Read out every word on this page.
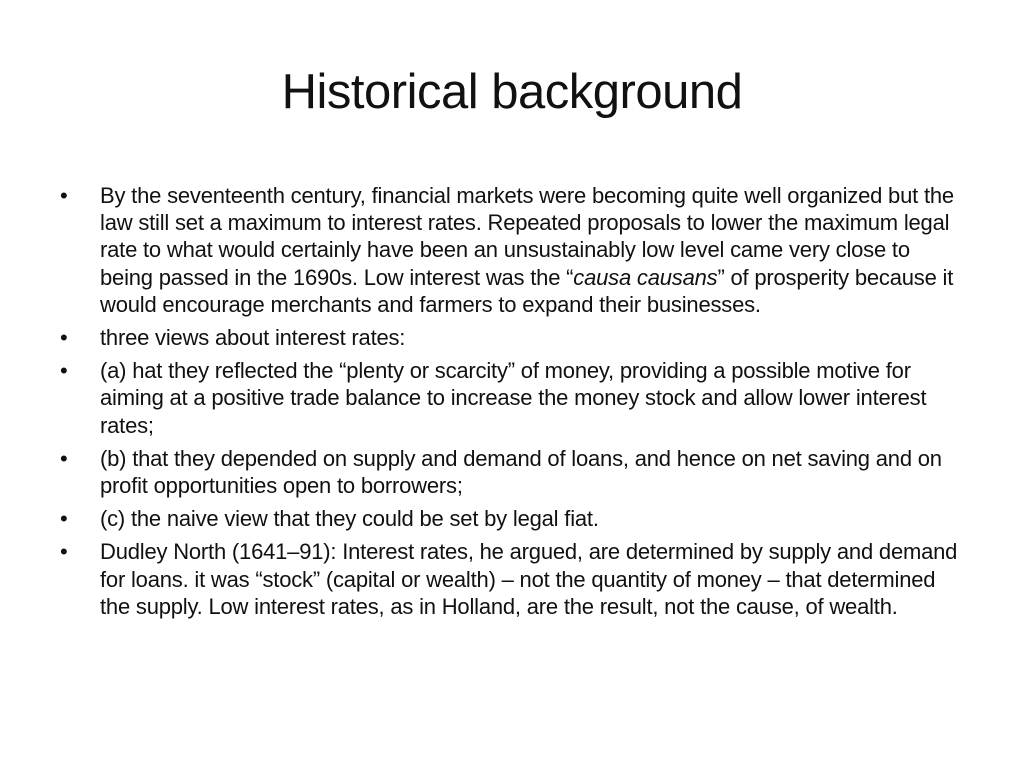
Historical background
•	By the seventeenth century, financial markets were becoming quite well organized but the law still set a maximum to interest rates. Repeated proposals to lower the maximum legal rate to what would certainly have been an unsustainably low level came very close to being passed in the 1690s. Low interest was the “causa causans” of prosperity because it would encourage merchants and farmers to expand their businesses.
•	three views about interest rates:
•	(a) hat they reflected the “plenty or scarcity” of money, providing a possible motive for aiming at a positive trade balance to increase the money stock and allow lower interest rates;
•	(b) that they depended on supply and demand of loans, and hence on net saving and on profit opportunities open to borrowers;
•	(c) the naive view that they could be set by legal fiat.
•	Dudley North (1641–91): Interest rates, he argued, are determined by supply and demand for loans. it was “stock” (capital or wealth) – not the quantity of money – that determined the supply. Low interest rates, as in Holland, are the result, not the cause, of wealth.
